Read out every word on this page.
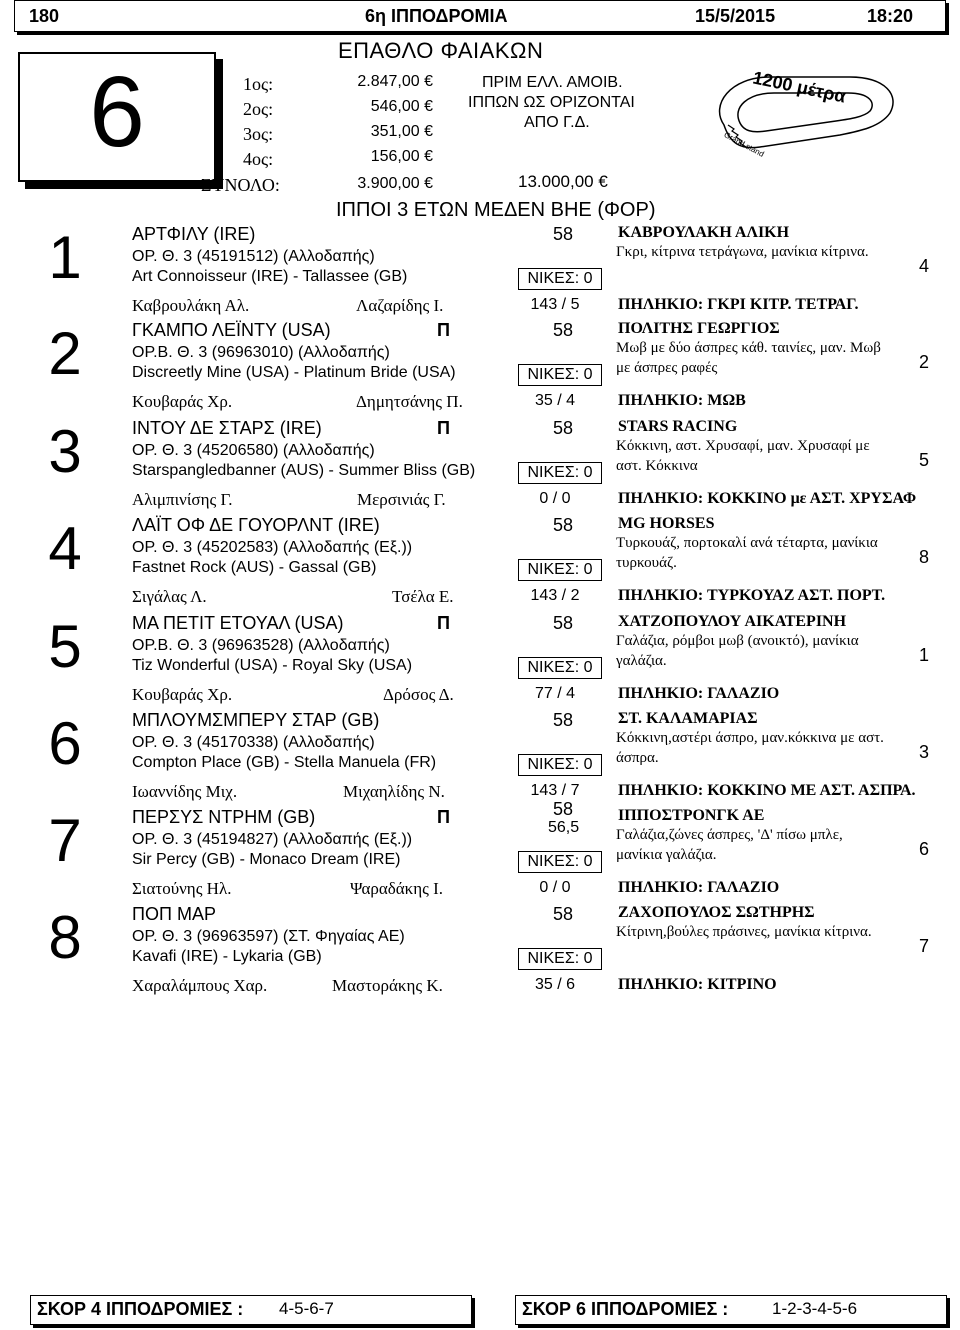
180	6η ΙΠΠΟΔΡΟΜΙΑ	15/5/2015	18:20
6
ΕΠΑΘΛΟ ΦΑΙΑΚΩΝ
1ος:	2.847,00 €
2ος:	546,00 €
3ος:	351,00 €
4ος:	156,00 €
ΣΥΝΟΛΟ:	3.900,00 €
ΠΡΙΜ ΕΛΛ. ΑΜΟΙΒ.
ΙΠΠΩΝ ΩΣ ΟΡΙΖΟΝΤΑΙ
ΑΠΟ Γ.Δ.
13.000,00 €
1200 μέτρα
Grand stand
ΙΠΠΟΙ 3 ΕΤΩΝ ΜΕΔΕΝ ΒΗΕ (ΦΟΡ)
1	ΑΡΤΦΙΛΥ (IRE)	58
ΟΡ. Θ. 3 (45191512) (Αλλοδαπής)
Art Connoisseur (IRE) - Tallassee (GB)	ΝΙΚΕΣ: 0
Καβρουλάκη Αλ.	Λαζαρίδης Ι.	143 / 5
ΚΑΒΡΟΥΛΑΚΗ ΑΛΙΚΗ
Γκρι, κίτρινα τετράγωνα, μανίκια κίτρινα.
4
ΠΗΛΗΚΙΟ: ΓΚΡΙ ΚΙΤΡ. ΤΕΤΡΑΓ.
2	ΓΚΑΜΠΟ ΛΕΪΝΤΥ (USA)	Π	58
ΟΡ.Β. Θ. 3 (96963010) (Αλλοδαπής)
Discreetly Mine (USA) - Platinum Bride (USA)	ΝΙΚΕΣ: 0
Κουβαράς Χρ.	Δημητσάνης Π.	35 / 4
ΠΟΛΙΤΗΣ ΓΕΩΡΓΙΟΣ
Μωβ με δύο άσπρες κάθ. ταινίες, μαν. Μωβ με άσπρες ραφές	2
ΠΗΛΗΚΙΟ: ΜΩΒ
3	ΙΝΤΟΥ ΔΕ ΣΤΑΡΣ (IRE)	Π	58
ΟΡ. Θ. 3 (45206580) (Αλλοδαπής)
Starspangledbanner (AUS) - Summer Bliss (GB)	ΝΙΚΕΣ: 0
Αλιμπινίσης Γ.	Μερσινιάς Γ.	0 / 0
STARS RACING
Κόκκινη, αστ. Χρυσαφί, μαν. Χρυσαφί με αστ. Κόκκινα	5
ΠΗΛΗΚΙΟ: ΚΟΚΚΙΝΟ με ΑΣΤ. ΧΡΥΣΑΦ
4	ΛΑΪΤ ΟΦ ΔΕ ΓΟΥΟΡΛΝΤ (IRE)	58
ΟΡ. Θ. 3 (45202583) (Αλλοδαπής (Εξ.))
Fastnet Rock (AUS) - Gassal (GB)	ΝΙΚΕΣ: 0
Σιγάλας Λ.	Τσέλα Ε.	143 / 2
MG HORSES
Τυρκουάζ, πορτοκαλί ανά τέταρτα, μανίκια τυρκουάζ.	8
ΠΗΛΗΚΙΟ: ΤΥΡΚΟΥΑΖ ΑΣΤ. ΠΟΡΤ.
5	ΜΑ ΠΕΤΙΤ ΕΤΟΥΑΛ (USA)	Π	58
ΟΡ.Β. Θ. 3 (96963528) (Αλλοδαπής)
Tiz Wonderful (USA) - Royal Sky (USA)	ΝΙΚΕΣ: 0
Κουβαράς Χρ.	Δρόσος Δ.	77 / 4
ΧΑΤΖΟΠΟΥΛΟΥ ΑΙΚΑΤΕΡΙΝΗ
Γαλάζια, ρόμβοι μωβ (ανοικτό), μανίκια γαλάζια.	1
ΠΗΛΗΚΙΟ: ΓΑΛΑΖΙΟ
6	ΜΠΛΟΥΜΣΜΠΕΡΥ ΣΤΑΡ (GB)	58
ΟΡ. Θ. 3 (45170338) (Αλλοδαπής)
Compton Place (GB) - Stella Manuela (FR)	ΝΙΚΕΣ: 0
Ιωαννίδης Μιχ.	Μιχαηλίδης Ν.	143 / 7
ΣΤ. ΚΑΛΑΜΑΡΙΑΣ
Κόκκινη,αστέρι άσπρο, μαν.κόκκινα με αστ. άσπρα.	3
ΠΗΛΗΚΙΟ: ΚΟΚΚΙΝΟ ΜΕ ΑΣΤ. ΑΣΠΡΑ.
7	ΠΕΡΣΥΣ ΝΤΡΗΜ (GB)	Π	58
ΟΡ. Θ. 3 (45194827) (Αλλοδαπής (Εξ.))
56,5
Sir Percy (GB) - Monaco Dream (IRE)	ΝΙΚΕΣ: 0
Σιατούνης Ηλ.	Ψαραδάκης Ι.	0 / 0
ΙΠΠΟΣΤΡΟΝΓΚ ΑΕ
Γαλάζια,ζώνες άσπρες, 'Δ' πίσω μπλε, μανίκια γαλάζια.	6
ΠΗΛΗΚΙΟ: ΓΑΛΑΖΙΟ
8	ΠΟΠ ΜΑΡ	58
ΟΡ. Θ. 3 (96963597) (ΣΤ. Φηγαίας ΑΕ)
Kavafi (IRE) - Lykaria (GB)	ΝΙΚΕΣ: 0
Χαραλάμπους Χαρ.	Μαστοράκης Κ.	35 / 6
ΖΑΧΟΠΟΥΛΟΣ ΣΩΤΗΡΗΣ
Κίτρινη,βούλες πράσινες, μανίκια κίτρινα.
7
ΠΗΛΗΚΙΟ: ΚΙΤΡΙΝΟ
ΣΚΟΡ 4 ΙΠΠΟΔΡΟΜΙΕΣ : 4-5-6-7	ΣΚΟΡ 6 ΙΠΠΟΔΡΟΜΙΕΣ :	1-2-3-4-5-6
